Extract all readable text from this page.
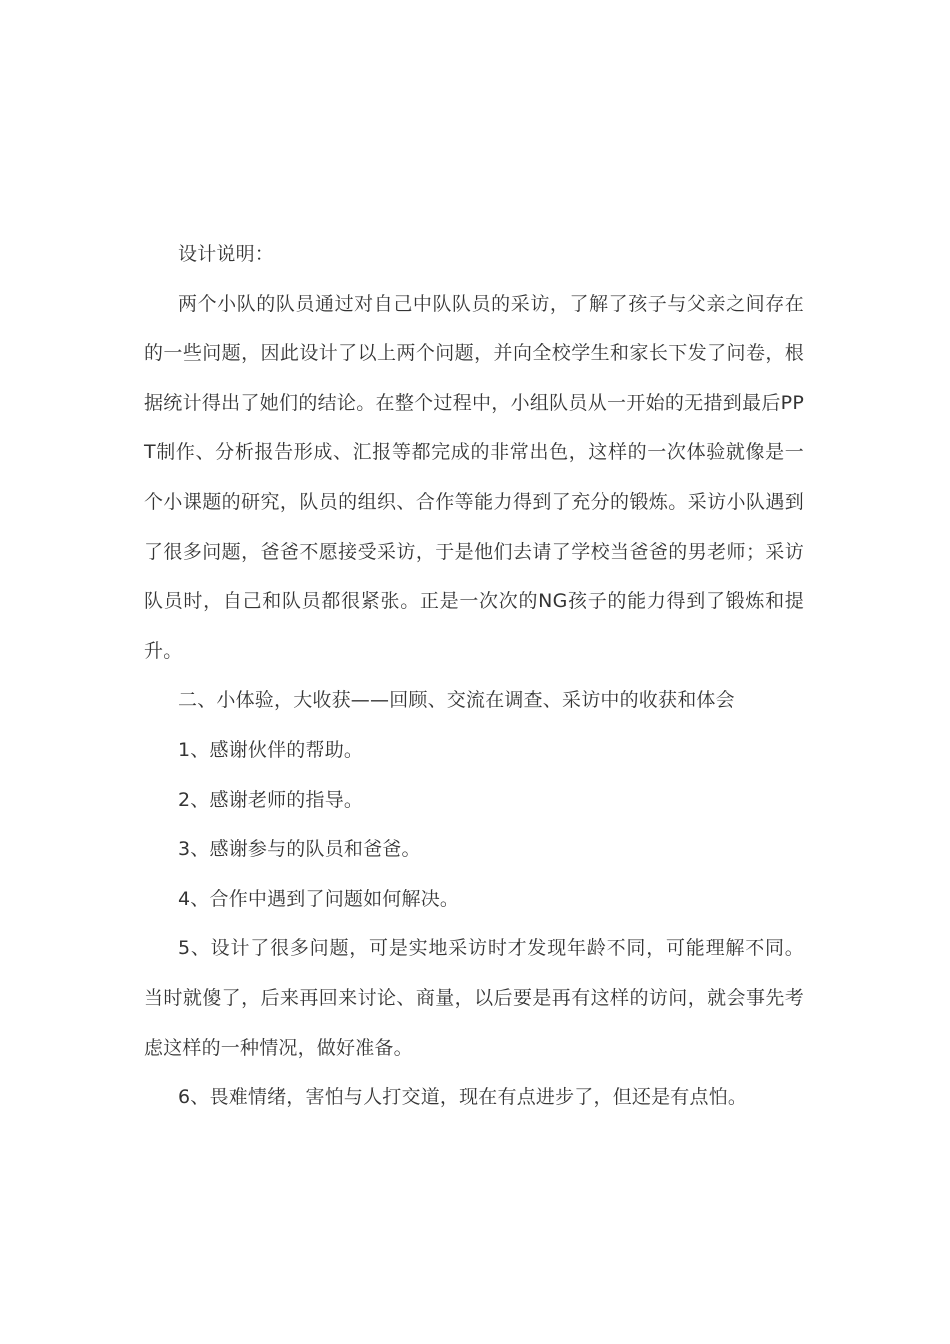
设计说明：

两个小队的队员通过对自己中队队员的采访，了解了孩子与父亲之间存在的一些问题，因此设计了以上两个问题，并向全校学生和家长下发了问卷，根据统计得出了她们的结论。在整个过程中，小组队员从一开始的无措到最后PPT制作、分析报告形成、汇报等都完成的非常出色，这样的一次体验就像是一个小课题的研究，队员的组织、合作等能力得到了充分的锻炼。采访小队遇到了很多问题，爸爸不愿接受采访，于是他们去请了学校当爸爸的男老师；采访队员时，自己和队员都很紧张。正是一次次的NG孩子的能力得到了锻炼和提升。

二、小体验，大收获——回顾、交流在调查、采访中的收获和体会

1、感谢伙伴的帮助。

2、感谢老师的指导。

3、感谢参与的队员和爸爸。

4、合作中遇到了问题如何解决。

5、设计了很多问题，可是实地采访时才发现年龄不同，可能理解不同。当时就傻了，后来再回来讨论、商量，以后要是再有这样的访问，就会事先考虑这样的一种情况，做好准备。

6、畏难情绪，害怕与人打交道，现在有点进步了，但还是有点怕。
